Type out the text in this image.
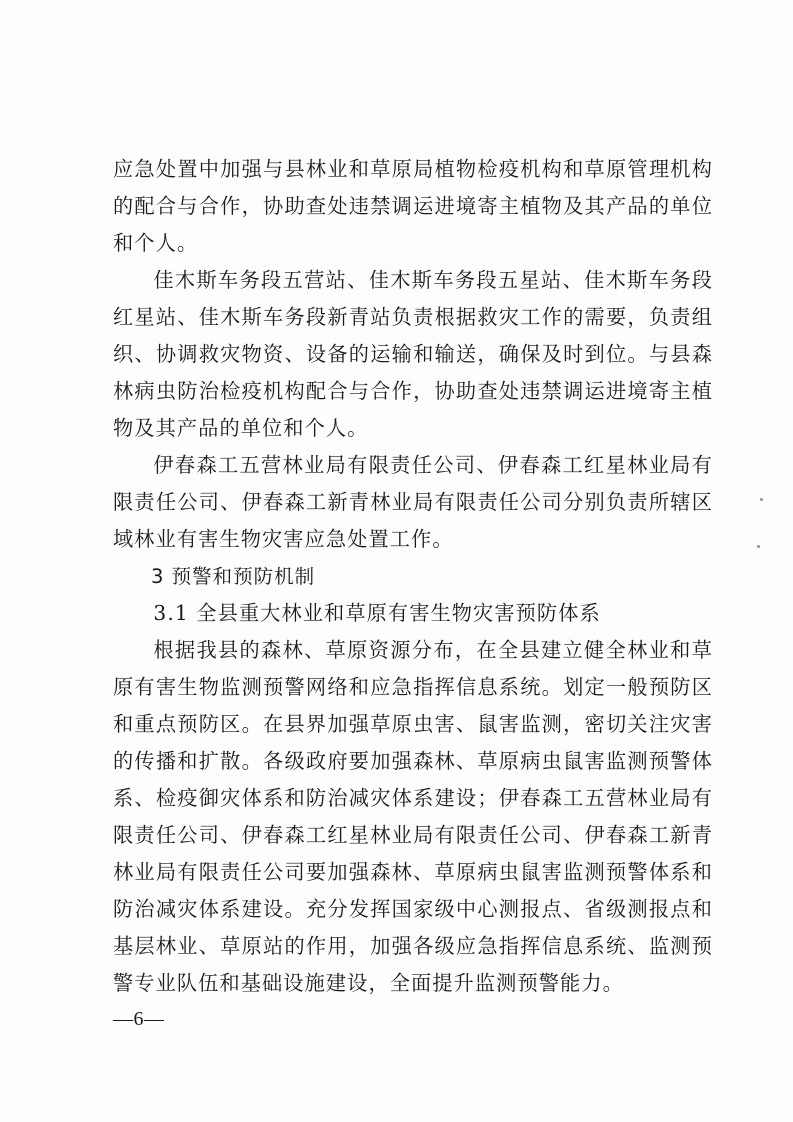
应急处置中加强与县林业和草原局植物检疫机构和草原管理机构的配合与合作，协助查处违禁调运进境寄主植物及其产品的单位和个人。

佳木斯车务段五营站、佳木斯车务段五星站、佳木斯车务段红星站、佳木斯车务段新青站负责根据救灾工作的需要，负责组织、协调救灾物资、设备的运输和输送，确保及时到位。与县森林病虫防治检疫机构配合与合作，协助查处违禁调运进境寄主植物及其产品的单位和个人。

伊春森工五营林业局有限责任公司、伊春森工红星林业局有限责任公司、伊春森工新青林业局有限责任公司分别负责所辖区域林业有害生物灾害应急处置工作。

3 预警和预防机制

3.1 全县重大林业和草原有害生物灾害预防体系

根据我县的森林、草原资源分布，在全县建立健全林业和草原有害生物监测预警网络和应急指挥信息系统。划定一般预防区和重点预防区。在县界加强草原虫害、鼠害监测，密切关注灾害的传播和扩散。各级政府要加强森林、草原病虫鼠害监测预警体系、检疫御灾体系和防治减灾体系建设；伊春森工五营林业局有限责任公司、伊春森工红星林业局有限责任公司、伊春森工新青林业局有限责任公司要加强森林、草原病虫鼠害监测预警体系和防治减灾体系建设。充分发挥国家级中心测报点、省级测报点和基层林业、草原站的作用，加强各级应急指挥信息系统、监测预警专业队伍和基础设施建设，全面提升监测预警能力。

—6—
